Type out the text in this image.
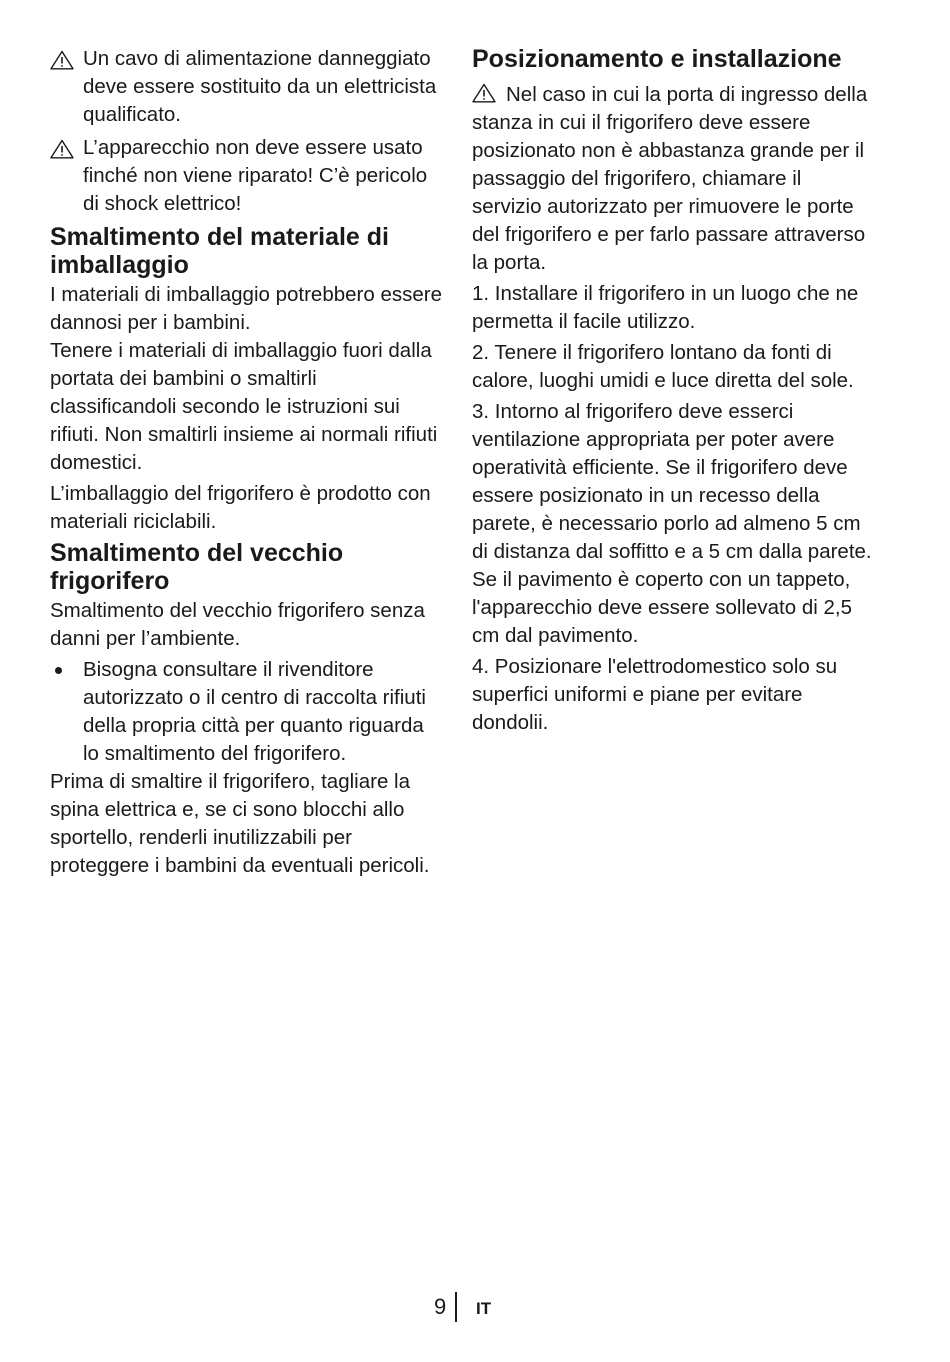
Un cavo di alimentazione danneggiato deve essere sostituito da un elettricista qualificato.
L’apparecchio non deve essere usato finché non viene riparato! C’è pericolo di shock elettrico!
Smaltimento del materiale di imballaggio

I materiali di imballaggio potrebbero essere dannosi per i bambini.

Tenere i materiali di imballaggio fuori dalla portata dei bambini o smaltirli classificandoli secondo le istruzioni sui rifiuti. Non smaltirli insieme ai normali rifiuti domestici.

L’imballaggio del frigorifero è prodotto con materiali riciclabili.

Smaltimento del vecchio frigorifero

Smaltimento del vecchio frigorifero senza danni per l’ambiente.

Bisogna consultare il rivenditore autorizzato o il centro di raccolta rifiuti della propria città per quanto riguarda lo smaltimento del frigorifero.

Prima di smaltire il frigorifero, tagliare la spina elettrica e, se ci sono blocchi allo sportello, renderli inutilizzabili per proteggere i bambini da eventuali pericoli.

Posizionamento e installazione

Nel caso in cui la porta di ingresso della stanza in cui il frigorifero deve essere posizionato non è abbastanza grande per il passaggio del frigorifero, chiamare il servizio autorizzato per rimuovere le porte del frigorifero e per farlo passare attraverso la porta.

1. Installare il frigorifero in un luogo che ne permetta il facile utilizzo.

2. Tenere il frigorifero lontano da fonti di calore, luoghi umidi e luce diretta del sole.

3. Intorno al frigorifero deve esserci ventilazione appropriata per poter avere operatività efficiente. Se il frigorifero deve essere posizionato in un recesso della parete, è necessario porlo ad almeno 5 cm di distanza dal soffitto e a 5 cm dalla parete. Se il pavimento è coperto con un tappeto, l'apparecchio deve essere sollevato di 2,5 cm dal pavimento.

4. Posizionare l'elettrodomestico solo su superfici uniformi e piane per evitare dondolii.

9 IT
